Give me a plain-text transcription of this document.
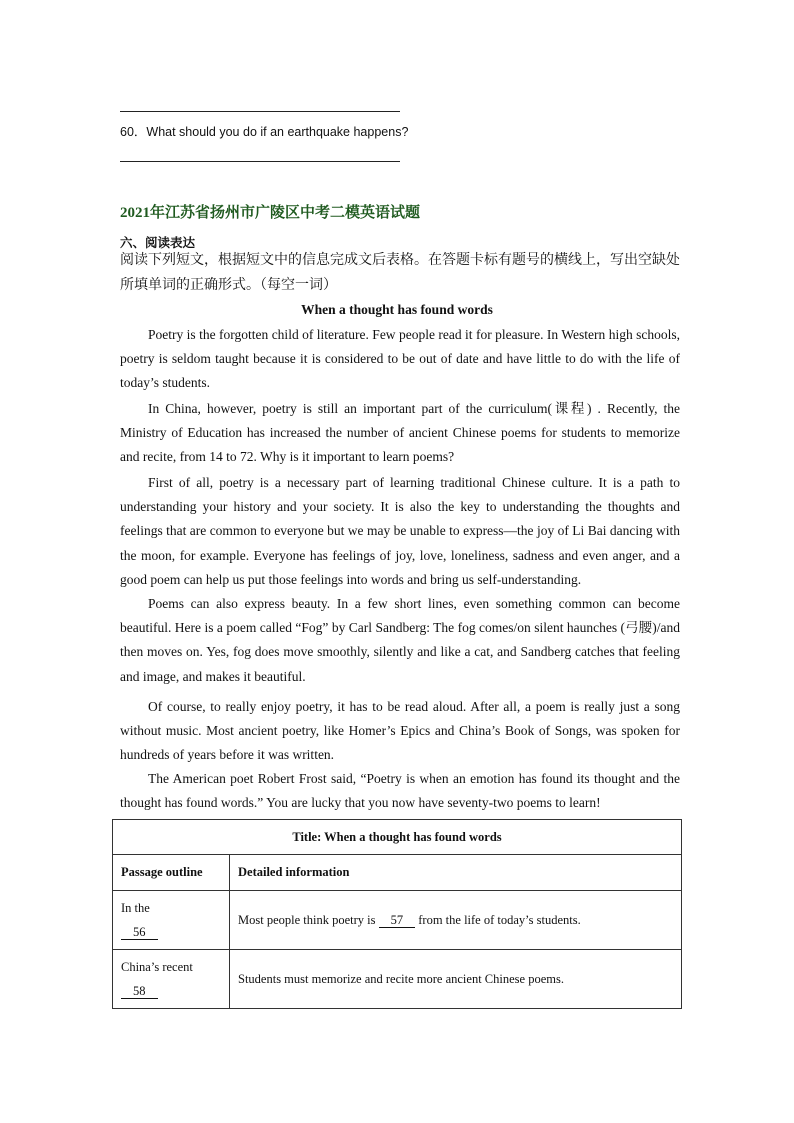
60．What should you do if an earthquake happens?
2021年江苏省扬州市广陵区中考二模英语试题
六、阅读表达
阅读下列短文，根据短文中的信息完成文后表格。在答题卡标有题号的横线上，写出空缺处所填单词的正确形式。（每空一词）
When a thought has found words

Poetry is the forgotten child of literature. Few people read it for pleasure. In Western high schools, poetry is seldom taught because it is considered to be out of date and have little to do with the life of today’s students.

In China, however, poetry is still an important part of the curriculum(课程) . Recently, the Ministry of Education has increased the number of ancient Chinese poems for students to memorize and recite, from 14 to 72. Why is it important to learn poems?

First of all, poetry is a necessary part of learning traditional Chinese culture. It is a path to understanding your history and your society. It is also the key to understanding the thoughts and feelings that are common to everyone but we may be unable to express—the joy of Li Bai dancing with the moon, for example. Everyone has feelings of joy, love, loneliness, sadness and even anger, and a good poem can help us put those feelings into words and bring us self-understanding.

Poems can also express beauty. In a few short lines, even something common can become beautiful. Here is a poem called “Fog” by Carl Sandberg: The fog comes/on silent haunches (弓腰)/and then moves on. Yes, fog does move smoothly, silently and like a cat, and Sandberg catches that feeling and image, and makes it beautiful.

Of course, to really enjoy poetry, it has to be read aloud. After all, a poem is really just a song without music. Most ancient poetry, like Homer’s Epics and China’s Book of Songs, was spoken for hundreds of years before it was written.

The American poet Robert Frost said, “Poetry is when an emotion has found its thought and the thought has found words.” You are lucky that you now have seventy-two poems to learn!

Title: When a thought has found words	
Passage outline	Detailed information

In the
56	Most people think poetry is 57 from the life of today’s students.

China’s recent
58	Students must memorize and recite more ancient Chinese poems.
